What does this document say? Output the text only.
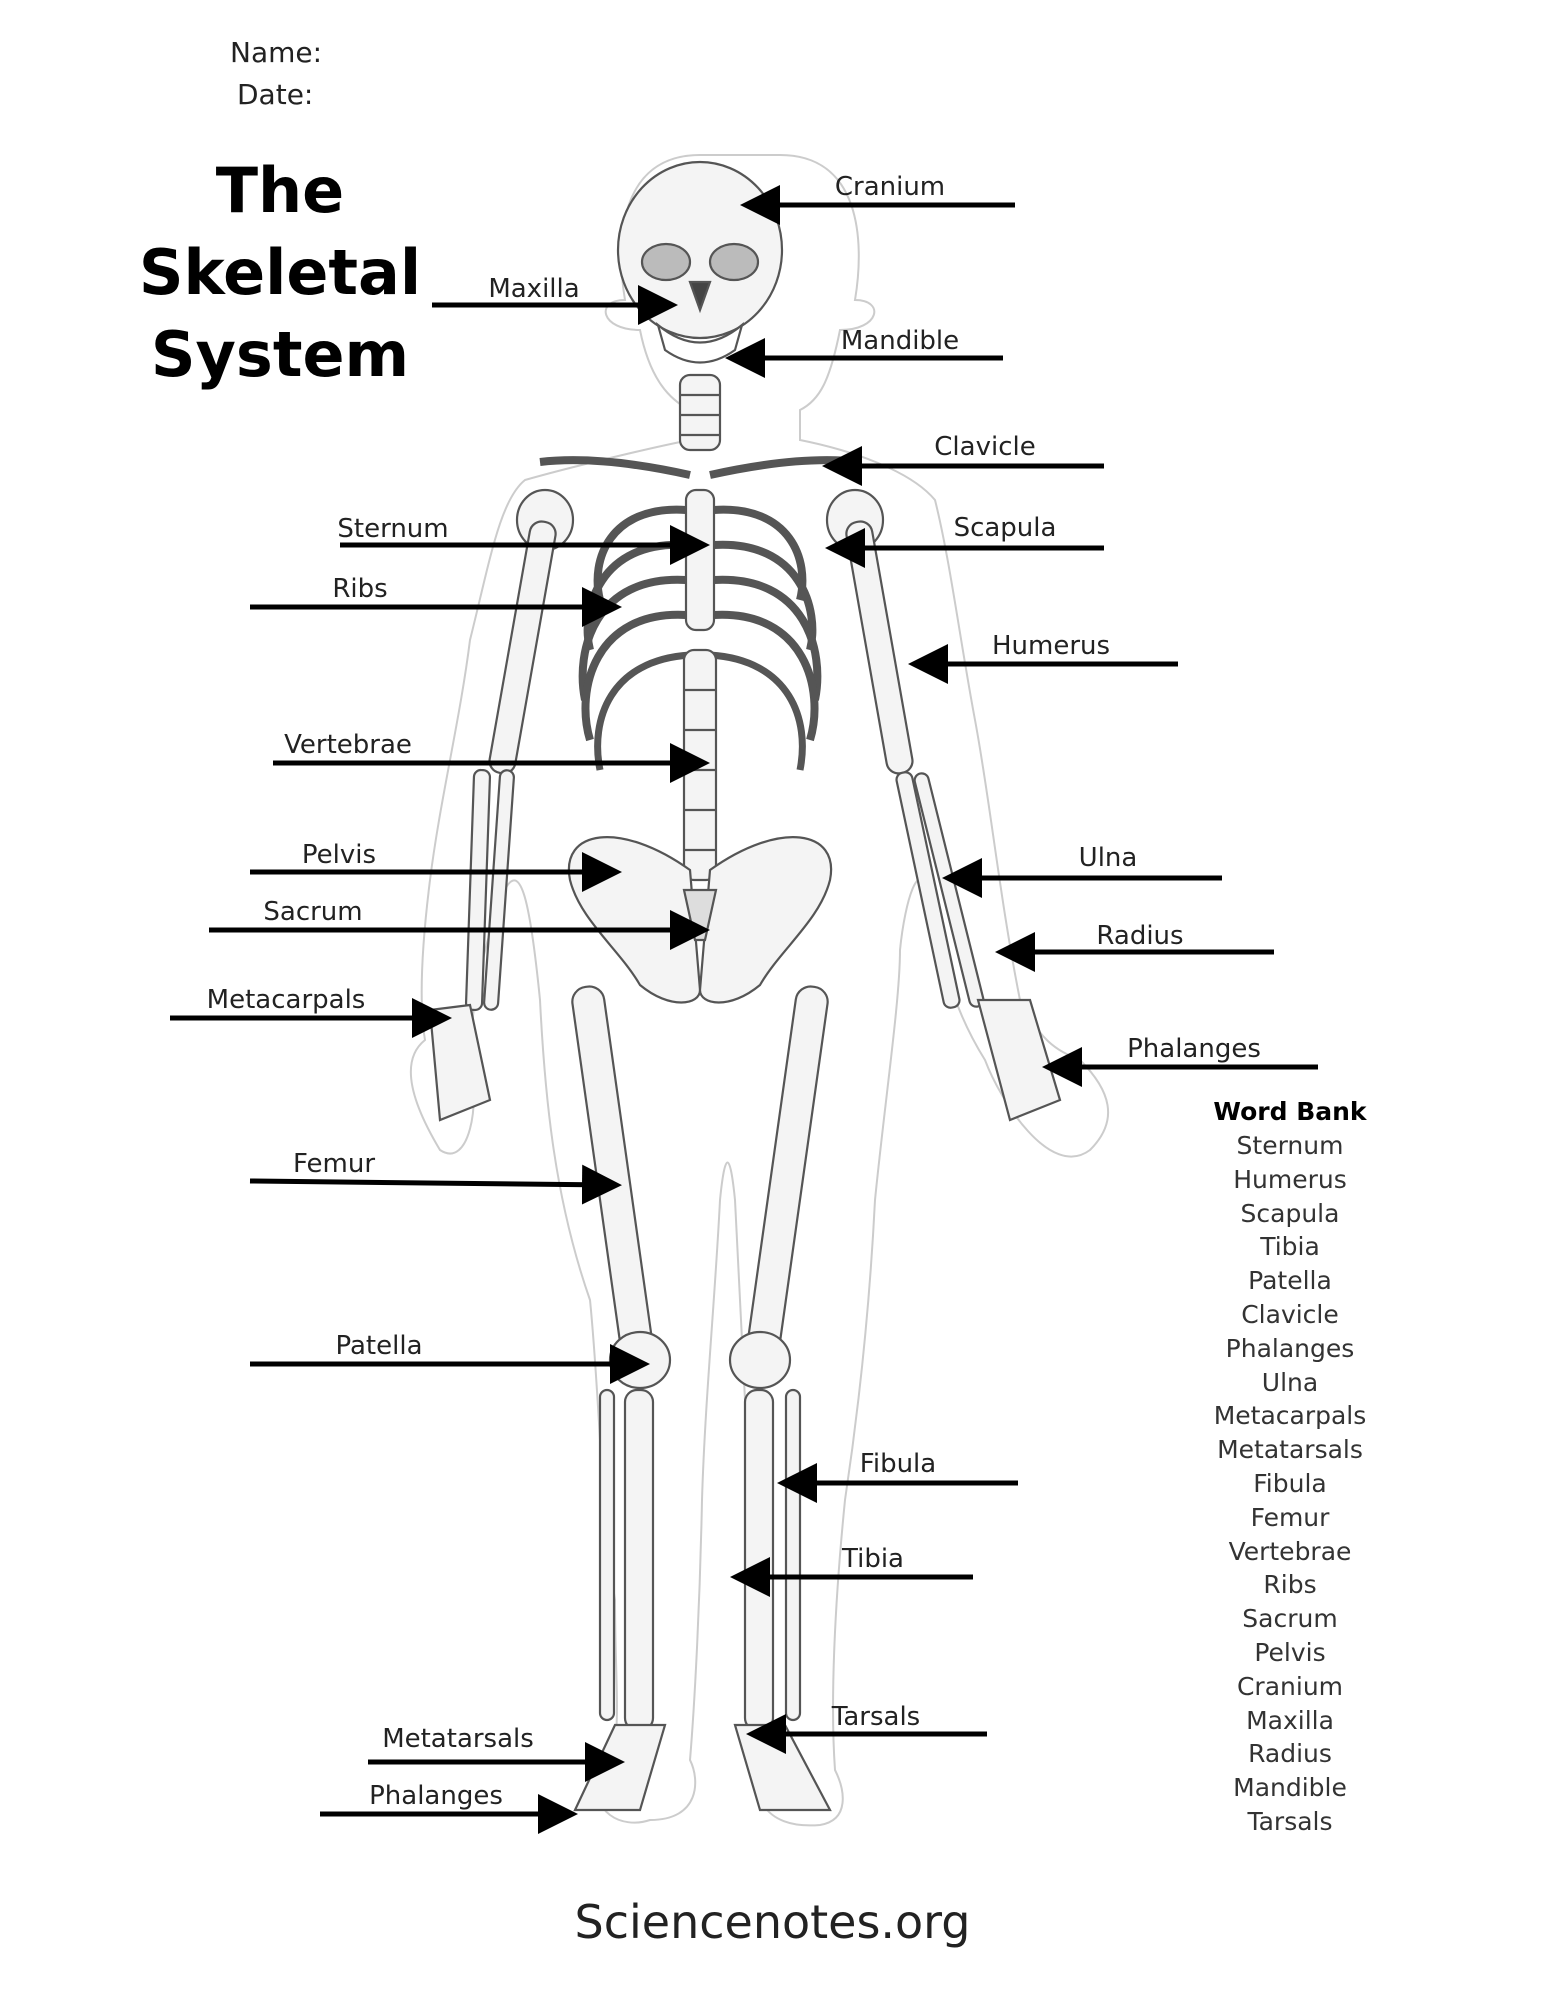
Name:
Date:
The
Skeletal
System
Cranium
Maxilla
Mandible
Clavicle
Sternum	Scapula
Ribs
Humerus
Vertebrae
Pelvis	Ulna
Sacrum
Radius
Metacarpals
Phalanges
Femur
Patella
Fibula
Tibia
Tarsals
Metatarsals
Phalanges
Word Bank
Sternum
Humerus
Scapula
Tibia
Patella
Clavicle
Phalanges
Ulna
Metacarpals
Metatarsals
Fibula
Femur
Vertebrae
Ribs
Sacrum
Pelvis
Cranium
Maxilla
Radius
Mandible
Tarsals
Sciencenotes.org
